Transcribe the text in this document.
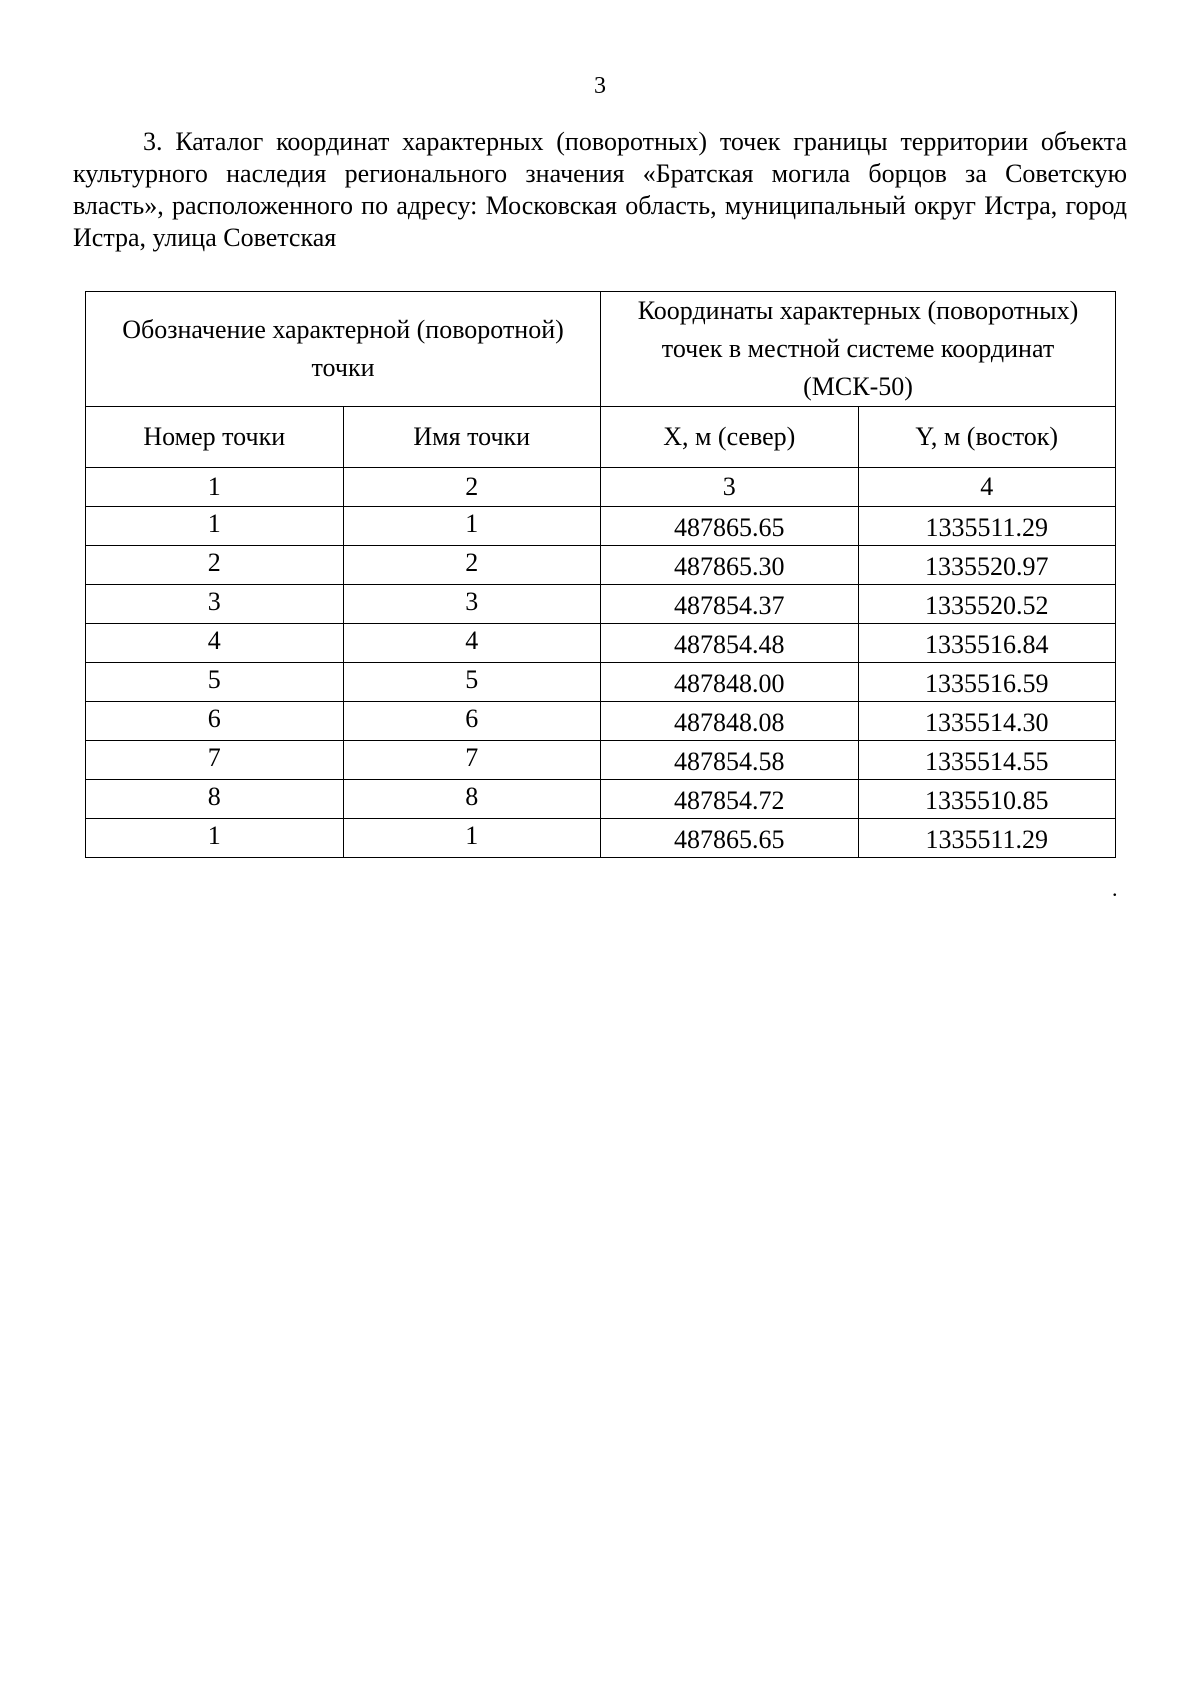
3

3. Каталог координат характерных (поворотных) точек границы территории объекта культурного наследия регионального значения «Братская могила борцов за Советскую власть», расположенного по адресу: Московская область, муниципальный округ Истра, город Истра, улица Советская

Обозначение характерной (поворотной) точки		Координаты характерных (поворотных) точек в местной системе координат (МСК-50)	
Номер точки	Имя точки	X, м (север)	Y, м (восток)
1	2	3	4
1	1	487865.65	1335511.29
2	2	487865.30	1335520.97
3	3	487854.37	1335520.52
4	4	487854.48	1335516.84
5	5	487848.00	1335516.59
6	6	487848.08	1335514.30
7	7	487854.58	1335514.55
8	8	487854.72	1335510.85
1	1	487865.65	1335511.29
.
